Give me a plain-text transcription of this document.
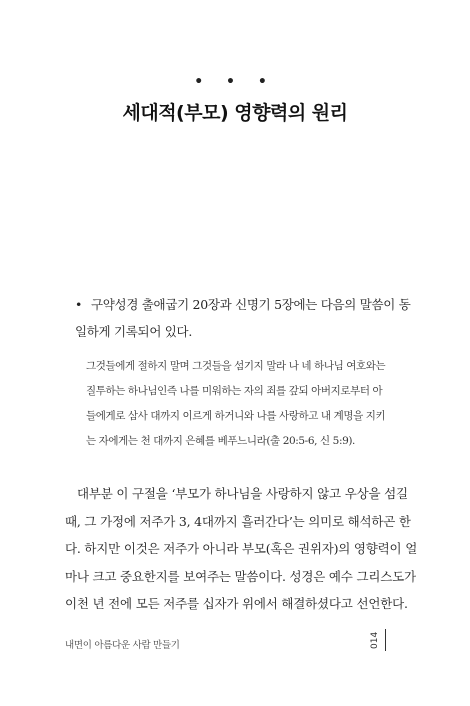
• • •
세대적(부모) 영향력의 원리

• 구약성경 출애굽기 20장과 신명기 5장에는 다음의 말씀이 동
일하게 기록되어 있다.

그것들에게 절하지 말며 그것들을 섬기지 말라 나 네 하나님 여호와는
질투하는 하나님인즉 나를 미워하는 자의 죄를 갚되 아버지로부터 아
들에게로 삼사 대까지 이르게 하거니와 나를 사랑하고 내 계명을 지키
는 자에게는 천 대까지 은혜를 베푸느니라(출 20:5-6, 신 5:9).

대부분 이 구절을 ‘부모가 하나님을 사랑하지 않고 우상을 섬길
때, 그 가정에 저주가 3, 4대까지 흘러간다’는 의미로 해석하곤 한
다. 하지만 이것은 저주가 아니라 부모(혹은 권위자)의 영향력이 얼
마나 크고 중요한지를 보여주는 말씀이다. 성경은 예수 그리스도가
이천 년 전에 모든 저주를 십자가 위에서 해결하셨다고 선언한다.

내면이 아름다운 사람 만들기	014
